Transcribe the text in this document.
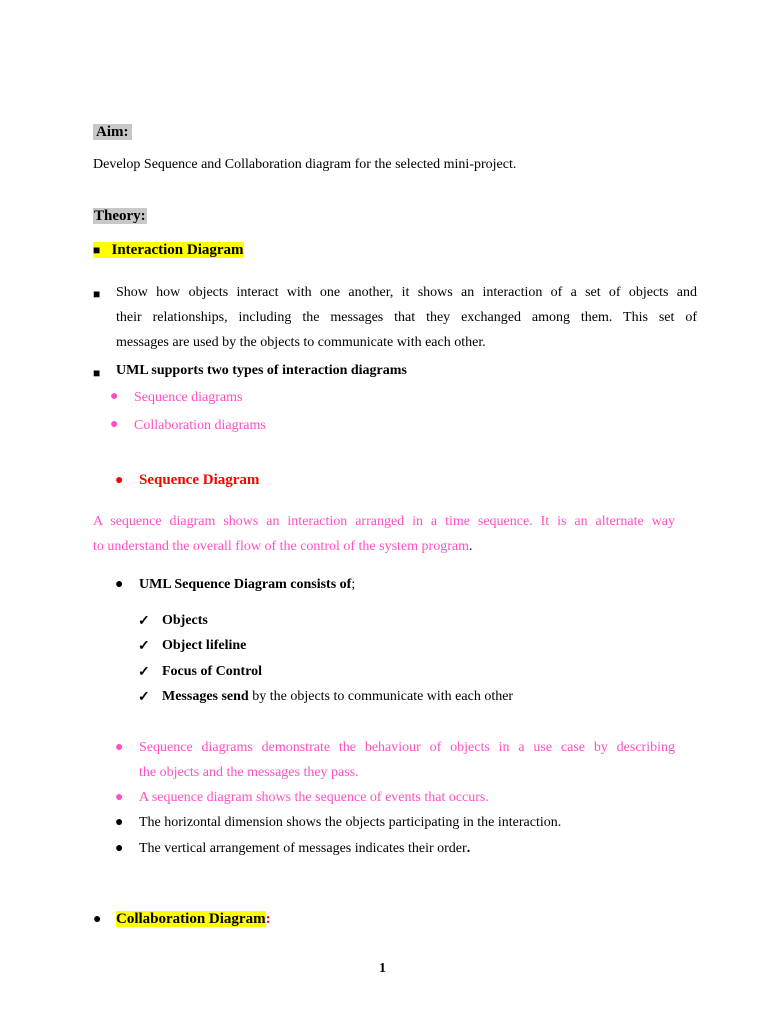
Aim:
Develop Sequence and Collaboration diagram for the selected mini-project.
Theory:
■ Interaction Diagram
■ Show how objects interact with one another, it shows an interaction of a set of objects and
their relationships, including the messages that they exchanged among them. This set of
messages are used by the objects to communicate with each other.
■ UML supports two types of interaction diagrams
● Sequence diagrams
● Collaboration diagrams
● Sequence Diagram
A sequence diagram shows an interaction arranged in a time sequence. It is an alternate way
to understand the overall flow of the control of the system program.
● UML Sequence Diagram consists of;
✓ Objects
✓ Object lifeline
✓ Focus of Control
✓ Messages send by the objects to communicate with each other
● Sequence diagrams demonstrate the behaviour of objects in a use case by describing
the objects and the messages they pass.
● A sequence diagram shows the sequence of events that occurs.
● The horizontal dimension shows the objects participating in the interaction.
● The vertical arrangement of messages indicates their order.
● Collaboration Diagram:
1
